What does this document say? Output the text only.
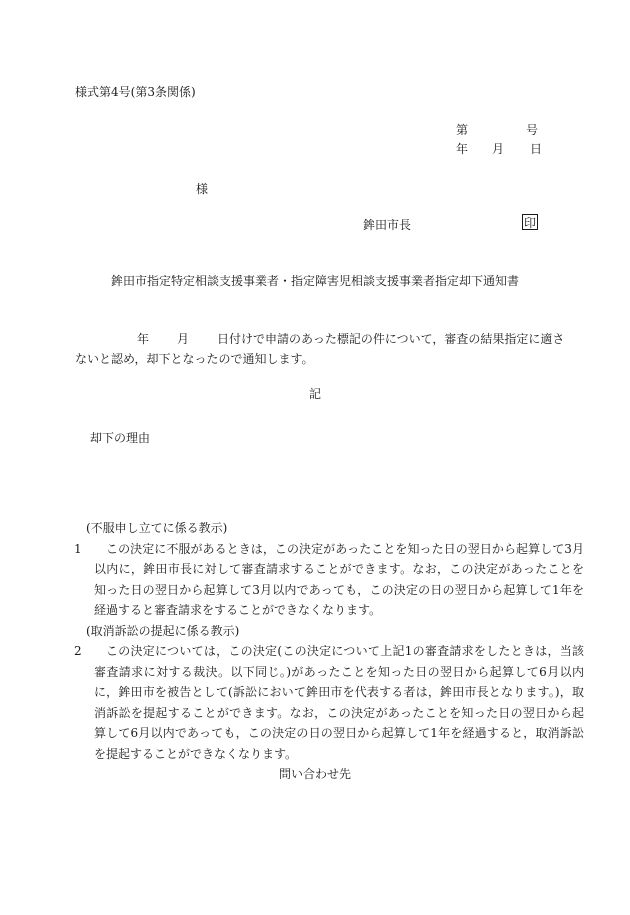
様式第4号(第3条関係)
第	号
年 月 日
様
鉾田市長	印
鉾田市指定特定相談支援事業者・指定障害児相談支援事業者指定却下通知書
年 月 日付けで申請のあった標記の件について，審査の結果指定に適さ
ないと認め，却下となったので通知します。
記
却下の理由
(不服申し立てに係る教示)
1	この決定に不服があるときは，この決定があったことを知った日の翌日から起算して3月以内に，鉾田市長に対して審査請求することができます。なお，この決定があったことを知った日の翌日から起算して3月以内であっても，この決定の日の翌日から起算して1年を経過すると審査請求をすることができなくなります。
(取消訴訟の提起に係る教示)
2	この決定については，この決定(この決定について上記1の審査請求をしたときは，当該審査請求に対する裁決。以下同じ。)があったことを知った日の翌日から起算して6月以内に，鉾田市を被告として(訴訟において鉾田市を代表する者は，鉾田市長となります。)，取消訴訟を提起することができます。なお，この決定があったことを知った日の翌日から起算して6月以内であっても，この決定の日の翌日から起算して1年を経過すると，取消訴訟を提起することができなくなります。
問い合わせ先
